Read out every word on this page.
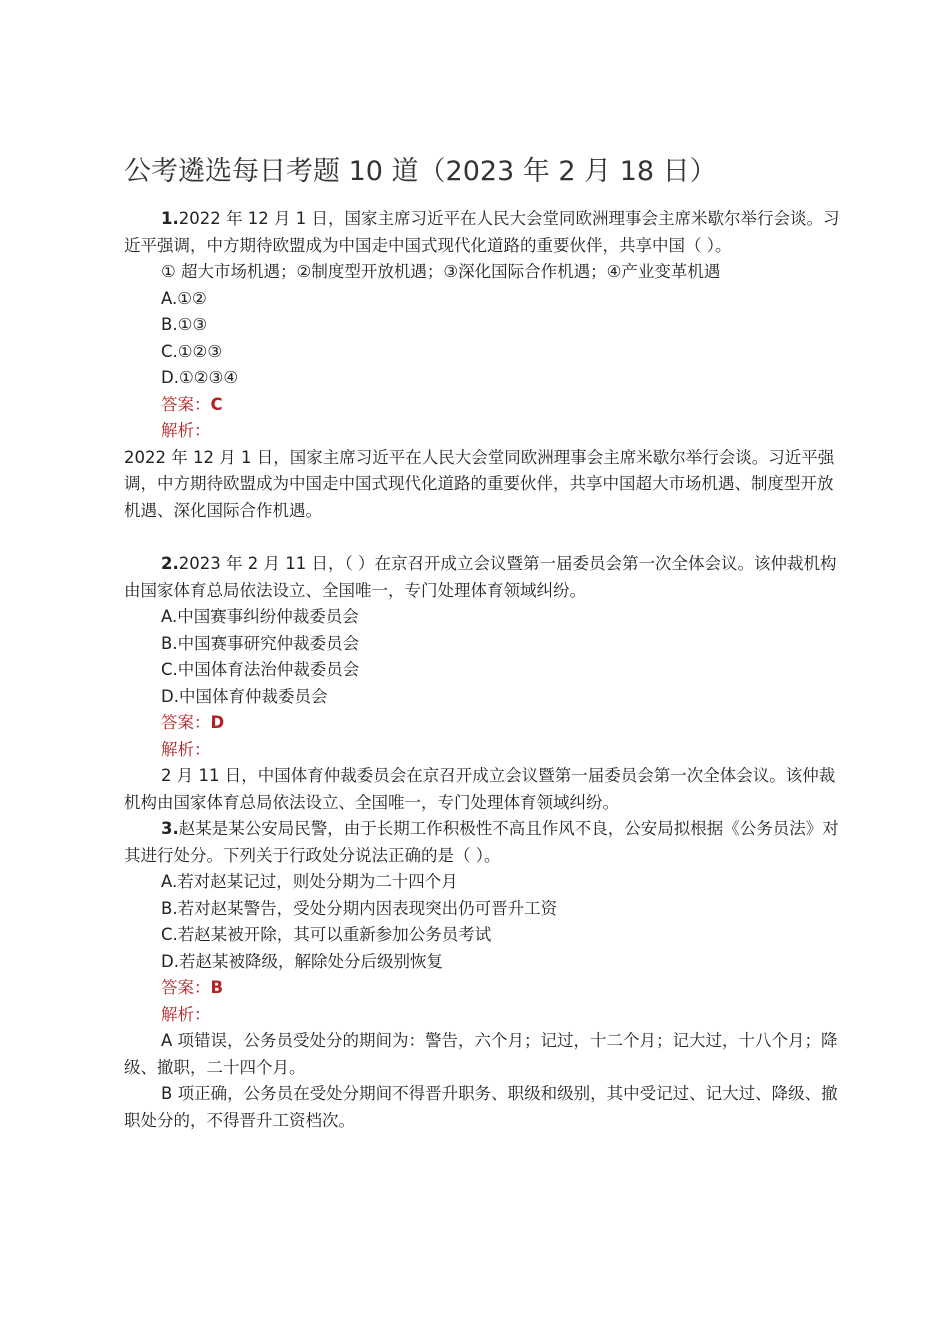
公考遴选每日考题 10 道（2023 年 2 月 18 日）

1.2022 年 12 月 1 日，国家主席习近平在人民大会堂同欧洲理事会主席米歇尔举行会谈。习近平强调，中方期待欧盟成为中国走中国式现代化道路的重要伙伴，共享中国（ ）。

① 超大市场机遇；②制度型开放机遇；③深化国际合作机遇；④产业变革机遇

A.①②

B.①③

C.①②③

D.①②③④

答案：C

解析：

2022 年 12 月 1 日，国家主席习近平在人民大会堂同欧洲理事会主席米歇尔举行会谈。习近平强调，中方期待欧盟成为中国走中国式现代化道路的重要伙伴，共享中国超大市场机遇、制度型开放机遇、深化国际合作机遇。

2.2023 年 2 月 11 日，（ ）在京召开成立会议暨第一届委员会第一次全体会议。该仲裁机构由国家体育总局依法设立、全国唯一，专门处理体育领域纠纷。

A.中国赛事纠纷仲裁委员会

B.中国赛事研究仲裁委员会

C.中国体育法治仲裁委员会

D.中国体育仲裁委员会

答案：D

解析：

2 月 11 日，中国体育仲裁委员会在京召开成立会议暨第一届委员会第一次全体会议。该仲裁机构由国家体育总局依法设立、全国唯一，专门处理体育领域纠纷。

3.赵某是某公安局民警，由于长期工作积极性不高且作风不良，公安局拟根据《公务员法》对其进行处分。下列关于行政处分说法正确的是（ ）。

A.若对赵某记过，则处分期为二十四个月

B.若对赵某警告，受处分期内因表现突出仍可晋升工资

C.若赵某被开除，其可以重新参加公务员考试

D.若赵某被降级，解除处分后级别恢复

答案：B

解析：

A 项错误，公务员受处分的期间为：警告，六个月；记过，十二个月；记大过，十八个月；降级、撤职，二十四个月。

B 项正确，公务员在受处分期间不得晋升职务、职级和级别，其中受记过、记大过、降级、撤职处分的，不得晋升工资档次。
